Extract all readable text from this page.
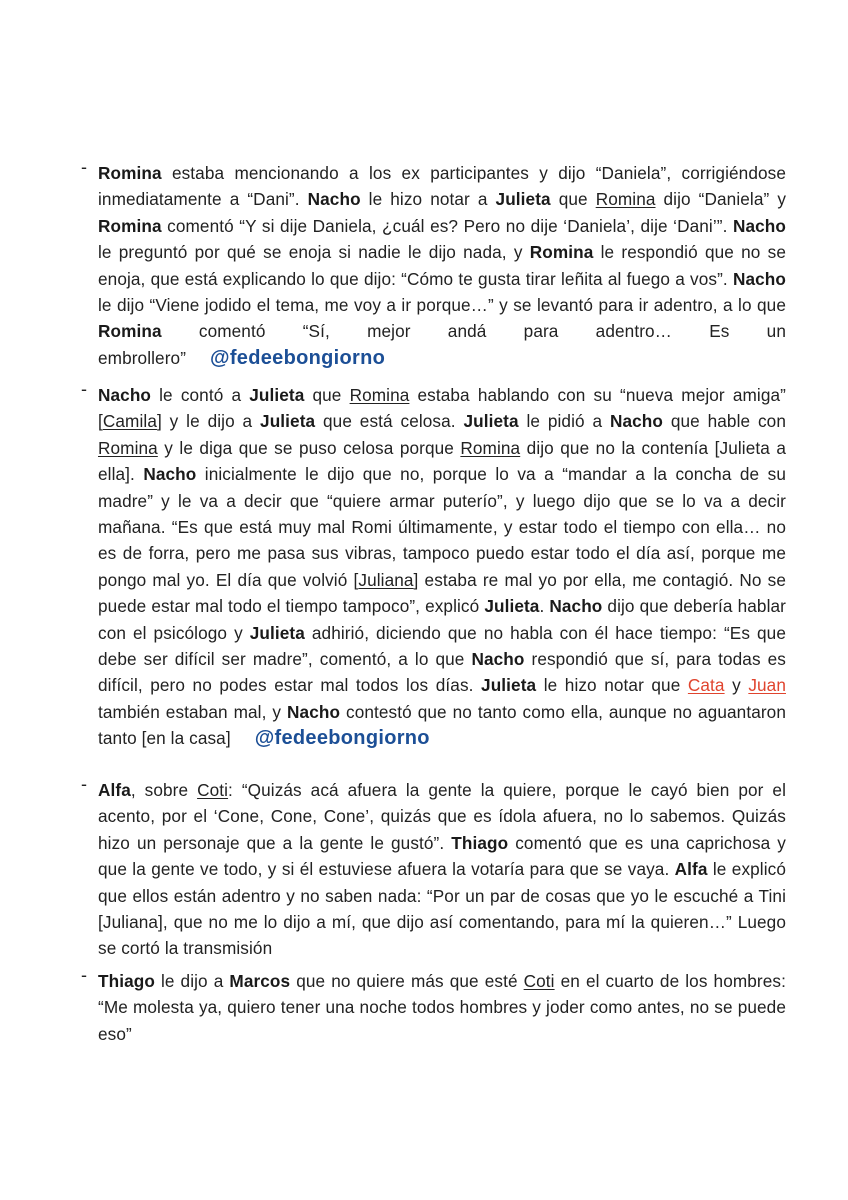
- Romina estaba mencionando a los ex participantes y dijo “Daniela”, corrigiéndose inmediatamente a “Dani”. Nacho le hizo notar a Julieta que Romina dijo “Daniela” y Romina comentó “Y si dije Daniela, ¿cuál es? Pero no dije ‘Daniela’, dije ‘Dani’”. Nacho le preguntó por qué se enoja si nadie le dijo nada, y Romina le respondió que no se enoja, que está explicando lo que dijo: “Cómo te gusta tirar leñita al fuego a vos”. Nacho le dijo “Viene jodido el tema, me voy a ir porque…” y se levantó para ir adentro, a lo que Romina comentó “Sí, mejor andá para adentro… Es un embrollero” @fedeebongiorno

- Nacho le contó a Julieta que Romina estaba hablando con su “nueva mejor amiga” [Camila] y le dijo a Julieta que está celosa. Julieta le pidió a Nacho que hable con Romina y le diga que se puso celosa porque Romina dijo que no la contenía [Julieta a ella]. Nacho inicialmente le dijo que no, porque lo va a “mandar a la concha de su madre” y le va a decir que “quiere armar puterío”, y luego dijo que se lo va a decir mañana. “Es que está muy mal Romi últimamente, y estar todo el tiempo con ella… no es de forra, pero me pasa sus vibras, tampoco puedo estar todo el día así, porque me pongo mal yo. El día que volvió [Juliana] estaba re mal yo por ella, me contagió. No se puede estar mal todo el tiempo tampoco”, explicó Julieta. Nacho dijo que debería hablar con el psicólogo y Julieta adhirió, diciendo que no habla con él hace tiempo: “Es que debe ser difícil ser madre”, comentó, a lo que Nacho respondió que sí, para todas es difícil, pero no podes estar mal todos los días. Julieta le hizo notar que Cata y Juan también estaban mal, y Nacho contestó que no tanto como ella, aunque no aguantaron tanto [en la casa] @fedeebongiorno

- Alfa, sobre Coti: “Quizás acá afuera la gente la quiere, porque le cayó bien por el acento, por el ‘Cone, Cone, Cone’, quizás que es ídola afuera, no lo sabemos. Quizás hizo un personaje que a la gente le gustó”. Thiago comentó que es una caprichosa y que la gente ve todo, y si él estuviese afuera la votaría para que se vaya. Alfa le explicó que ellos están adentro y no saben nada: “Por un par de cosas que yo le escuché a Tini [Juliana], que no me lo dijo a mí, que dijo así comentando, para mí la quieren…” Luego se cortó la transmisión

- Thiago le dijo a Marcos que no quiere más que esté Coti en el cuarto de los hombres: “Me molesta ya, quiero tener una noche todos hombres y joder como antes, no se puede eso”
